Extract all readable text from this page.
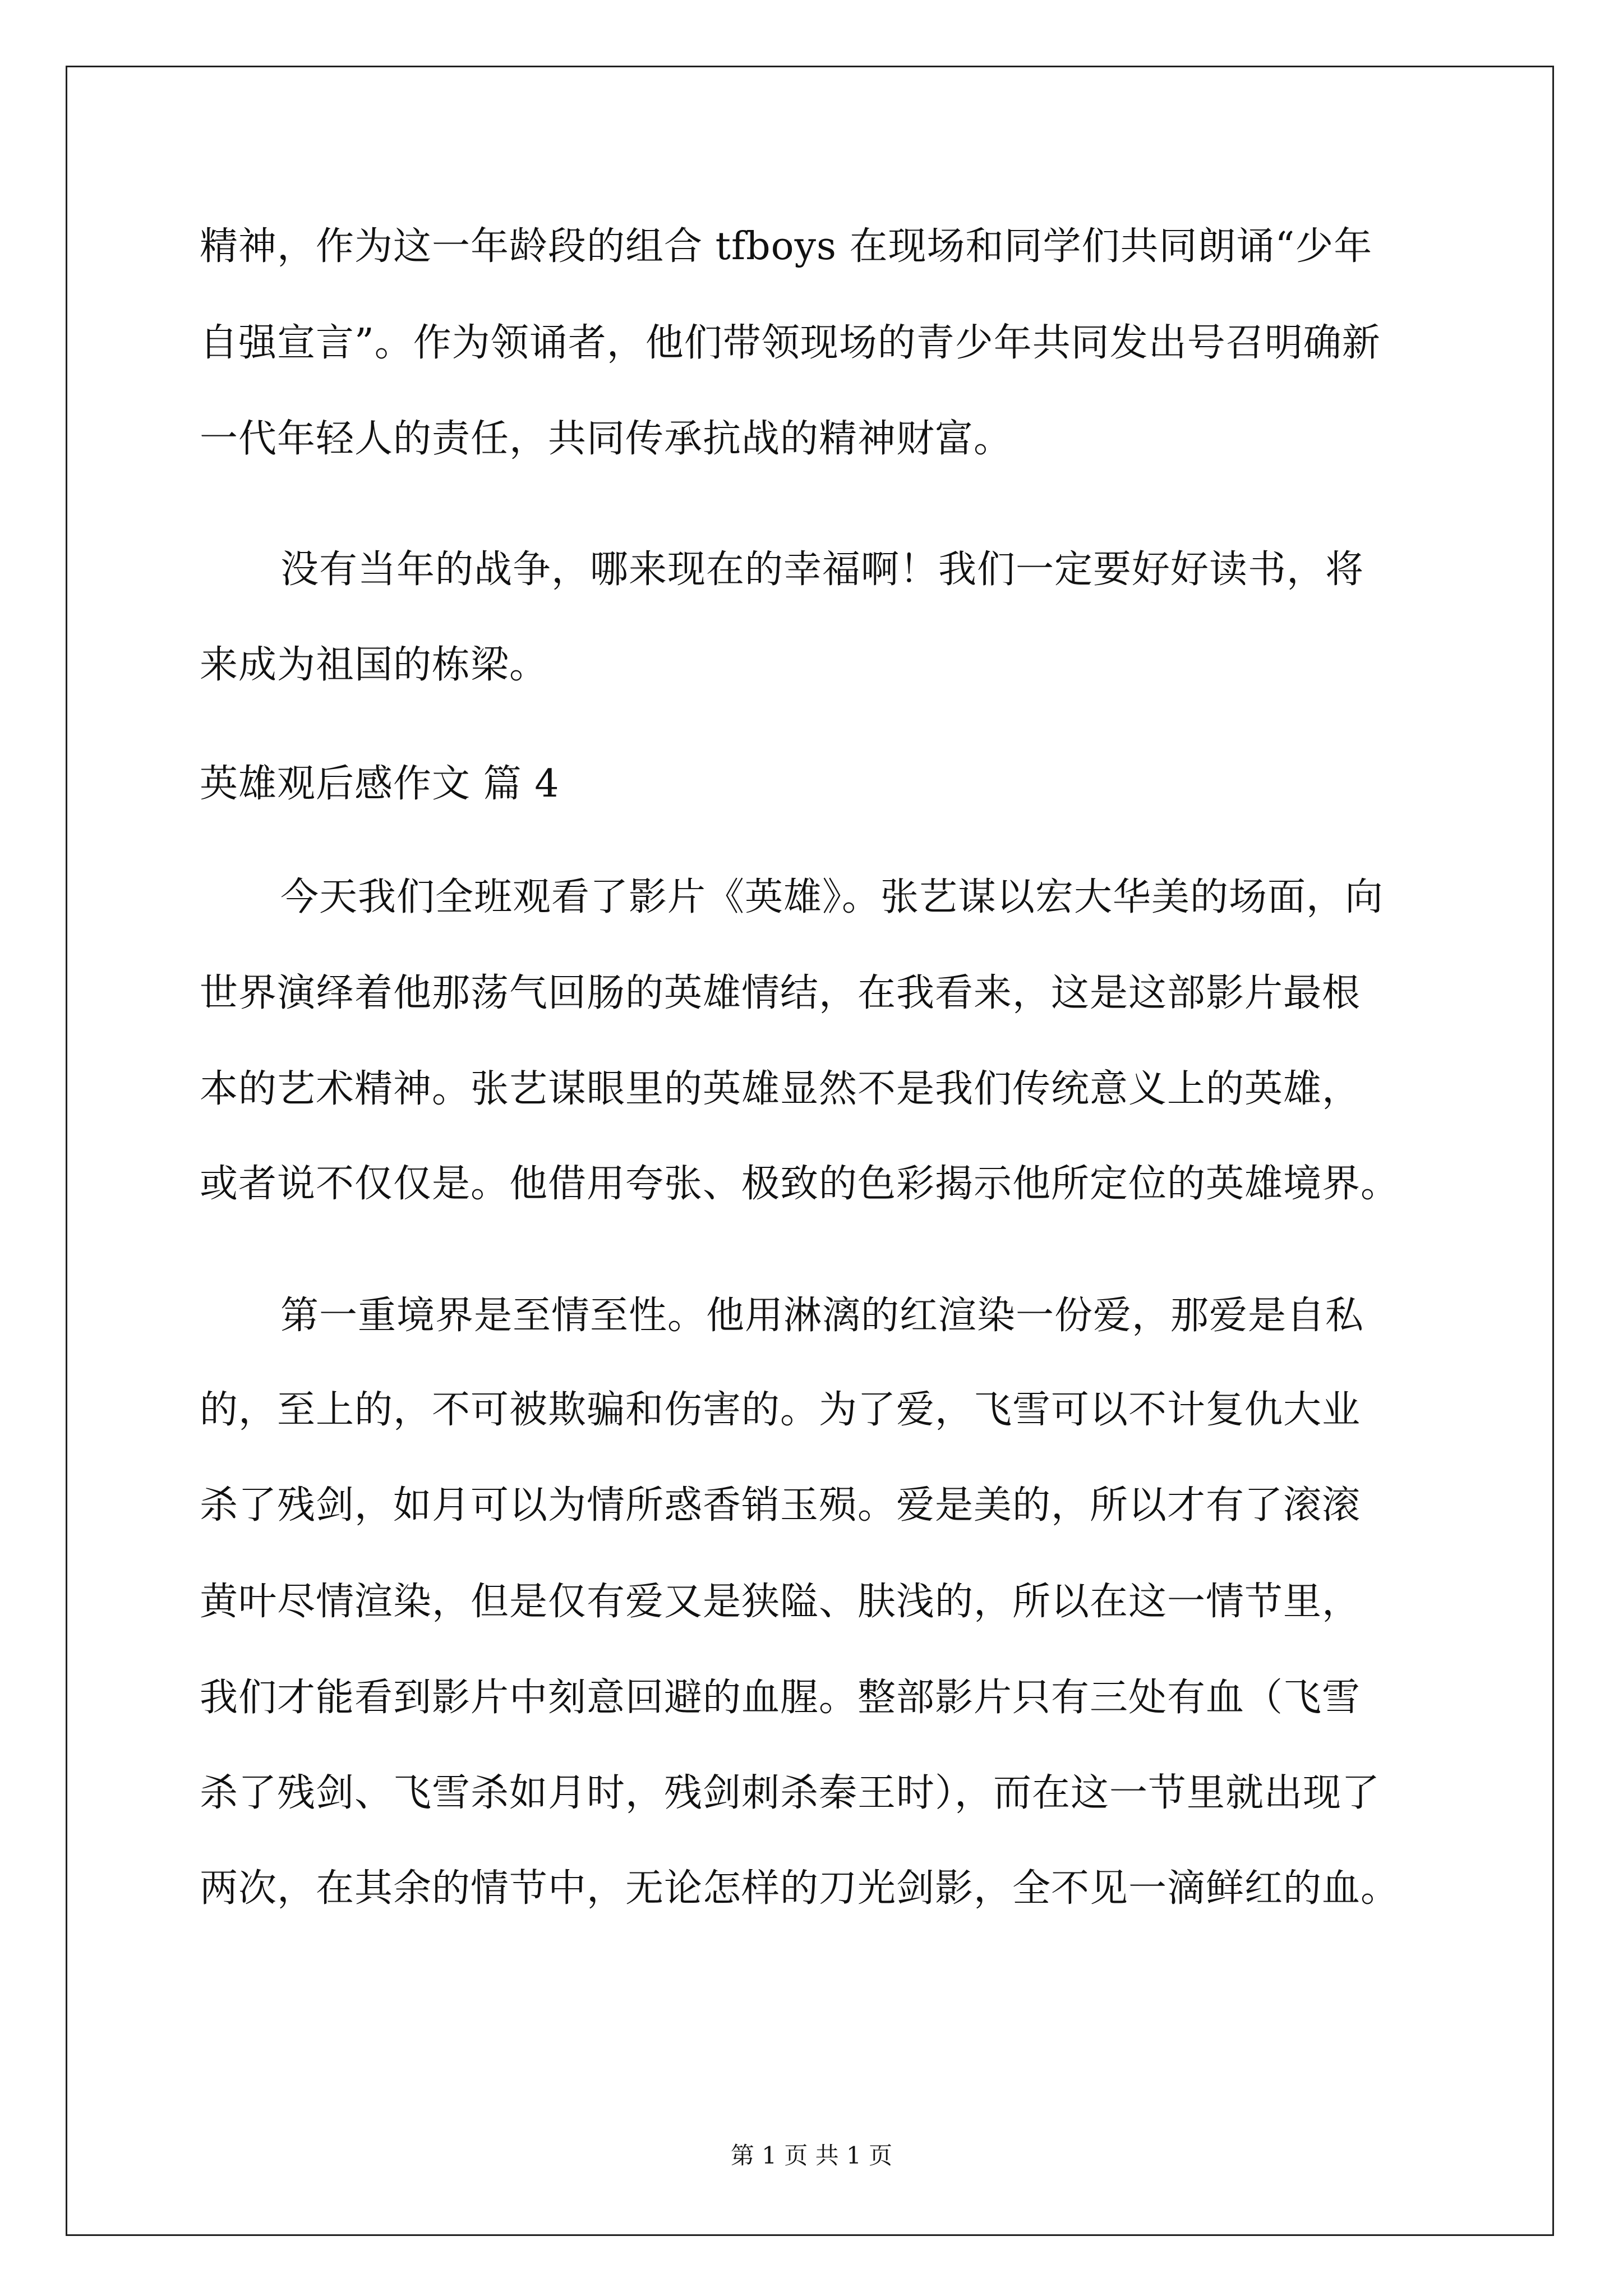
精神，作为这一年龄段的组合 tfboys 在现场和同学们共同朗诵“少年
自强宣言”。作为领诵者，他们带领现场的青少年共同发出号召明确新
一代年轻人的责任，共同传承抗战的精神财富。
没有当年的战争，哪来现在的幸福啊！我们一定要好好读书，将
来成为祖国的栋梁。
英雄观后感作文 篇 4
今天我们全班观看了影片《英雄》。张艺谋以宏大华美的场面，向
世界演绎着他那荡气回肠的英雄情结，在我看来，这是这部影片最根
本的艺术精神。张艺谋眼里的英雄显然不是我们传统意义上的英雄，
或者说不仅仅是。他借用夸张、极致的色彩揭示他所定位的英雄境界。
第一重境界是至情至性。他用淋漓的红渲染一份爱，那爱是自私
的，至上的，不可被欺骗和伤害的。为了爱，飞雪可以不计复仇大业
杀了残剑，如月可以为情所惑香销玉殒。爱是美的，所以才有了滚滚
黄叶尽情渲染，但是仅有爱又是狭隘、肤浅的，所以在这一情节里，
我们才能看到影片中刻意回避的血腥。整部影片只有三处有血（飞雪
杀了残剑、飞雪杀如月时，残剑刺杀秦王时），而在这一节里就出现了
两次，在其余的情节中，无论怎样的刀光剑影，全不见一滴鲜红的血。
第 1 页 共 1 页
